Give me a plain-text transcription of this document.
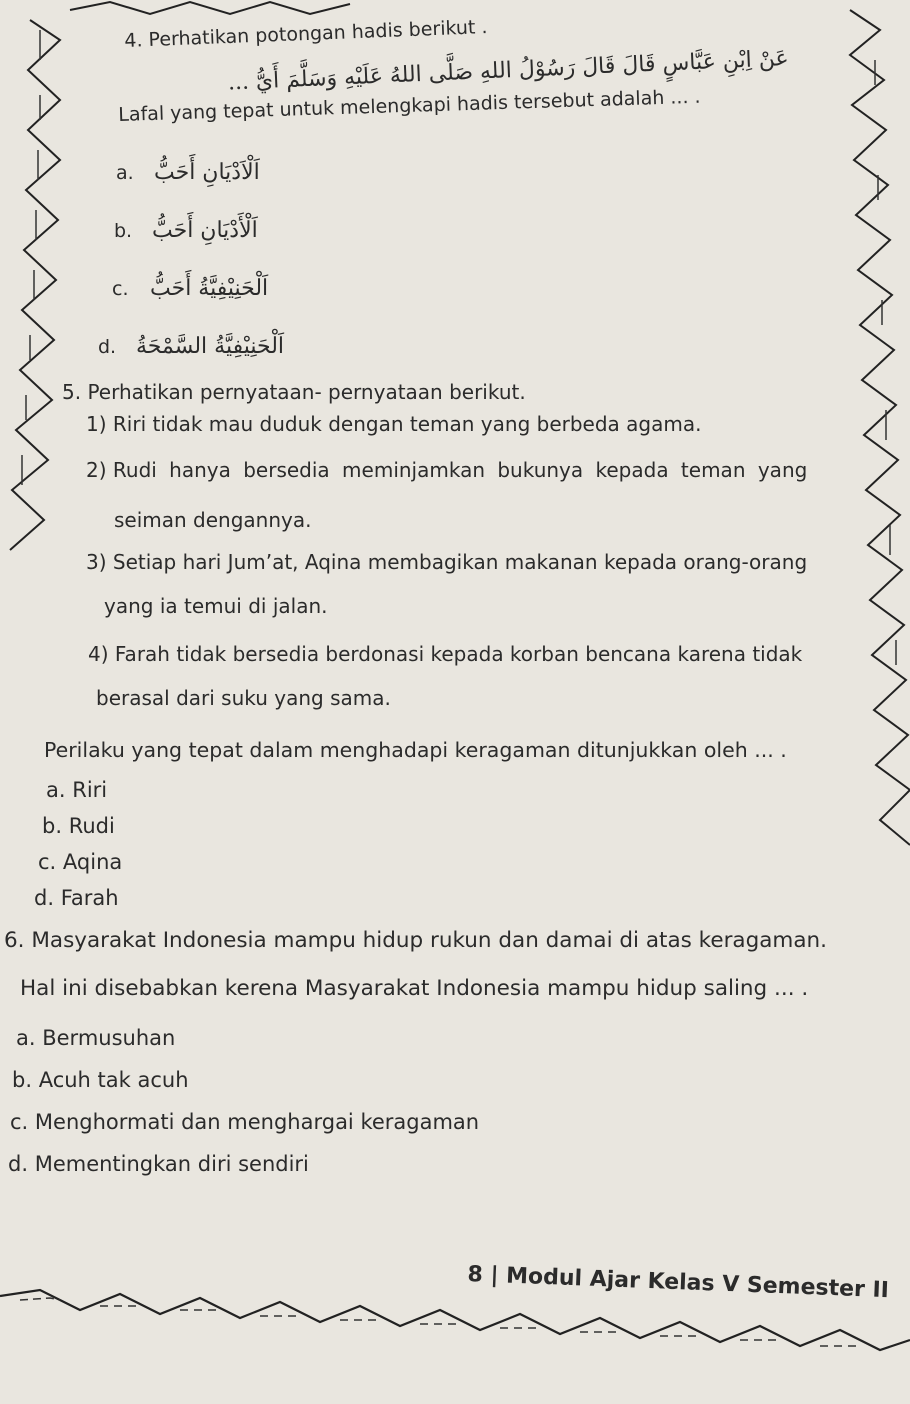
4. Perhatikan potongan hadis berikut .
عَنْ اِبْنِ عَبَّاسٍ قَالَ قَالَ رَسُوْلُ اللهِ صَلَّى اللهُ عَلَيْهِ وَسَلَّمَ أَيُّ ...
Lafal yang tepat untuk melengkapi hadis tersebut adalah ... .
a. اَلْاَدْيَانِ أَحَبُّ
b. اَلْأَدْيَانِ أَحَبُّ
c. اَلْحَنِيْفِيَّةُ أَحَبُّ
d. اَلْحَنِيْفِيَّةُ السَّمْحَةُ
5. Perhatikan pernyataan- pernyataan berikut.
1) Riri tidak mau duduk dengan teman yang berbeda agama.
2) Rudi hanya bersedia meminjamkan bukunya kepada teman yang
seiman dengannya.
3) Setiap hari Jum’at, Aqina membagikan makanan kepada orang-orang
yang ia temui di jalan.
4) Farah tidak bersedia berdonasi kepada korban bencana karena tidak
berasal dari suku yang sama.
Perilaku yang tepat dalam menghadapi keragaman ditunjukkan oleh ... .
a. Riri
b. Rudi
c. Aqina
d. Farah
6. Masyarakat Indonesia mampu hidup rukun dan damai di atas keragaman.
Hal ini disebabkan kerena Masyarakat Indonesia mampu hidup saling ... .
a. Bermusuhan
b. Acuh tak acuh
c. Menghormati dan menghargai keragaman
d. Mementingkan diri sendiri
8 | Modul Ajar Kelas V Semester II
